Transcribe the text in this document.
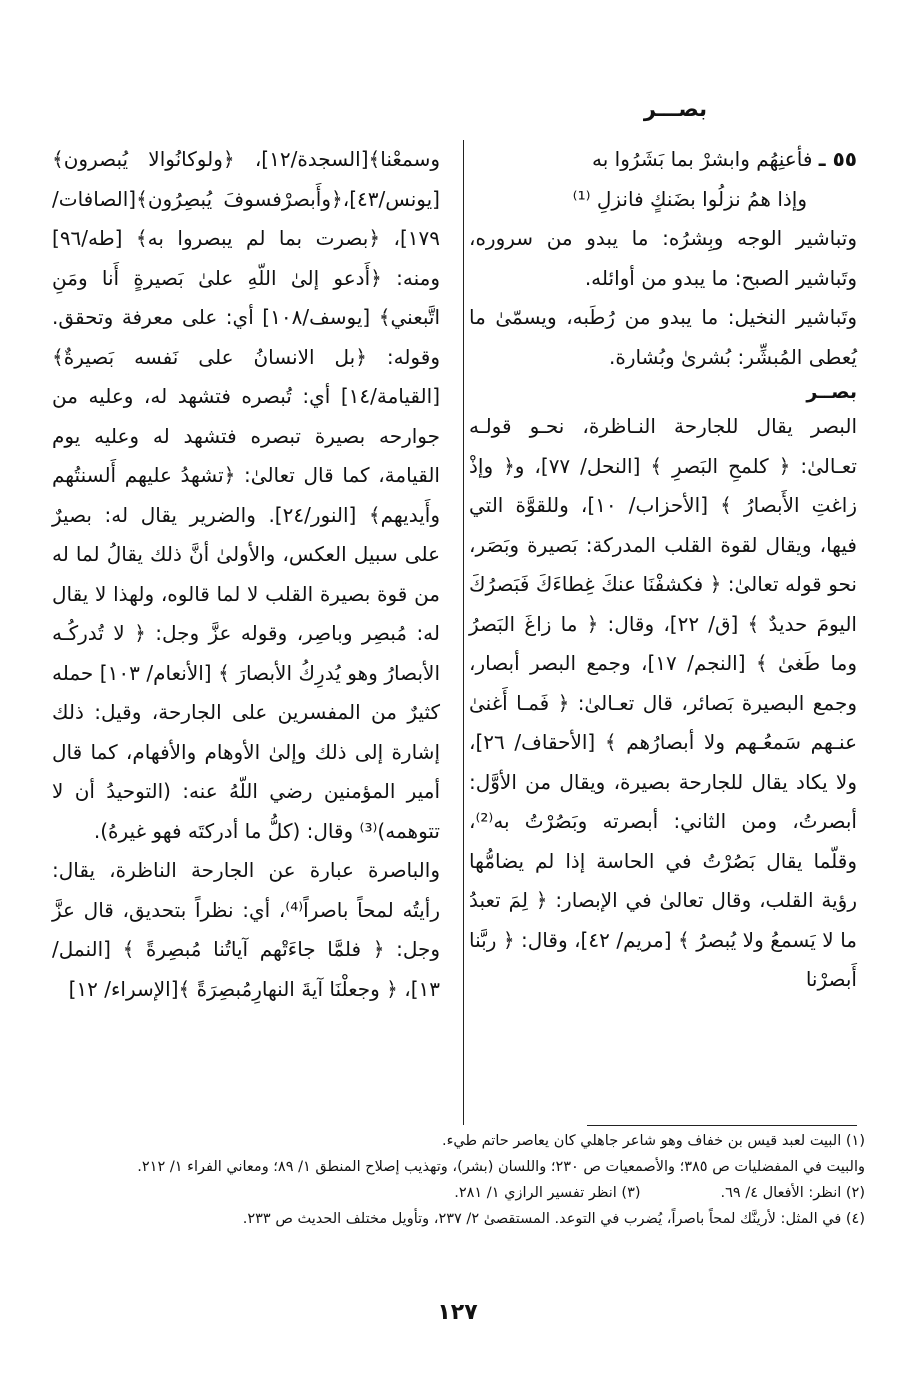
بصـــر

٥٥ ـ فأعنِهُم وابشرْ بما بَشَرُوا به
وإذا همُ نزلُوا بضَنكٍ فانزلِ ⁽¹⁾

وتباشير الوجه وبِشرُه: ما يبدو من سروره، وتَباشير الصبح: ما يبدو من أوائله.

وتَباشير النخيل: ما يبدو من رُطَبه، ويسمّىٰ ما يُعطى المُبشِّر: بُشرىٰ وبُشارة.

بصــر

البصر يقال للجارحة النـاظرة، نحـو قولـه تعـالىٰ: ﴿ كلمحِ البَصرِ ﴾ [النحل/ ٧٧]، و﴿ وإذْ زاغتِ الأَبصارُ ﴾ [الأحزاب/ ١٠]، وللقوَّة التي فيها، ويقال لقوة القلب المدركة: بَصيرة وبَصَر، نحو قوله تعالىٰ: ﴿ فكشفْنَا عنكَ غِطاءَكَ فَبَصرُكَ اليومَ حديدٌ ﴾ [ق/ ٢٢]، وقال: ﴿ ما زاغَ البَصرُ وما طَغىٰ ﴾ [النجم/ ١٧]، وجمع البصر أبصار، وجمع البصيرة بَصائر، قال تعـالىٰ: ﴿ فَمـا أَغنىٰ عنـهم سَمعُـهم ولا أبصارُهم ﴾ [الأحقاف/ ٢٦]، ولا يكاد يقال للجارحة بصيرة، ويقال من الأوَّل: أبصرتُ، ومن الثاني: أبصرته وبَصُرْتُ به⁽²⁾، وقلّما يقال بَصُرْتُ في الحاسة إذا لم يضامُّها رؤية القلب، وقال تعالىٰ في الإبصار: ﴿ لِمَ تعبدُ ما لا يَسمعُ ولا يُبصرُ ﴾ [مريم/ ٤٢]، وقال: ﴿ ربَّنا أَبصرْنا

وسمعْنا﴾[السجدة/١٢]، ﴿ولوكانُوالا يُبصرون﴾ [يونس/٤٣]،﴿وأَبصرْفسوفَ يُبصِرُون﴾[الصافات/ ١٧٩]، ﴿بصرت بما لم يبصروا به﴾ [طه/٩٦] ومنه: ﴿أَدعو إلىٰ اللّهِ علىٰ بَصيرةٍ أَنا ومَنِ اتَّبعني﴾ [يوسف/١٠٨] أي: على معرفة وتحقق. وقوله: ﴿بل الانسانُ على نَفسه بَصيرةٌ﴾ [القيامة/١٤] أي: تُبصره فتشهد له، وعليه من جوارحه بصيرة تبصره فتشهد له وعليه يوم القيامة، كما قال تعالىٰ: ﴿تشهدُ عليهم أَلسنتُهم وأَيديهم﴾ [النور/٢٤]. والضرير يقال له: بصيرٌ على سبيل العكس، والأولىٰ أنَّ ذلك يقالُ لما له من قوة بصيرة القلب لا لما قالوه، ولهذا لا يقال له: مُبصِر وباصِر، وقوله عزَّ وجل: ﴿ لا تُدركُـه الأبصارُ وهو يُدرِكُ الأبصارَ ﴾ [الأنعام/ ١٠٣] حمله كثيرٌ من المفسرين على الجارحة، وقيل: ذلك إشارة إلى ذلك وإلىٰ الأوهام والأفهام، كما قال أمير المؤمنين رضي اللّهُ عنه: (التوحيدُ أن لا تتوهمه)⁽³⁾ وقال: (كلُّ ما أدركتَه فهو غيرهُ).

والباصرة عبارة عن الجارحة الناظرة، يقال: رأيتُه لمحاً باصراً⁽⁴⁾، أي: نظراً بتحديق، قال عزَّ وجل: ﴿ فلمَّا جاءَتْهم آياتُنا مُبصِرةً ﴾ [النمل/ ١٣]، ﴿ وجعلْنَا آيةَ النهارِمُبصِرَةً ﴾[الإسراء/ ١٢]

(١) البيت لعبد قيس بن خفاف وهو شاعر جاهلي كان يعاصر حاتم طيء.

والبيت في المفضليات ص ٣٨٥؛ والأصمعيات ص ٢٣٠؛ واللسان (بشر)، وتهذيب إصلاح المنطق ١/ ٨٩؛ ومعاني الفراء ١/ ٢١٢.

(٢) انظر: الأفعال ٤/ ٦٩.
(٣) انظر تفسير الرازي ١/ ٢٨١.

(٤) في المثل: لأرينَّك لمحاً باصراً، يُضرب في التوعد. المستقصىٰ ٢/ ٢٣٧، وتأويل مختلف الحديث ص ٢٣٣.

١٢٧
